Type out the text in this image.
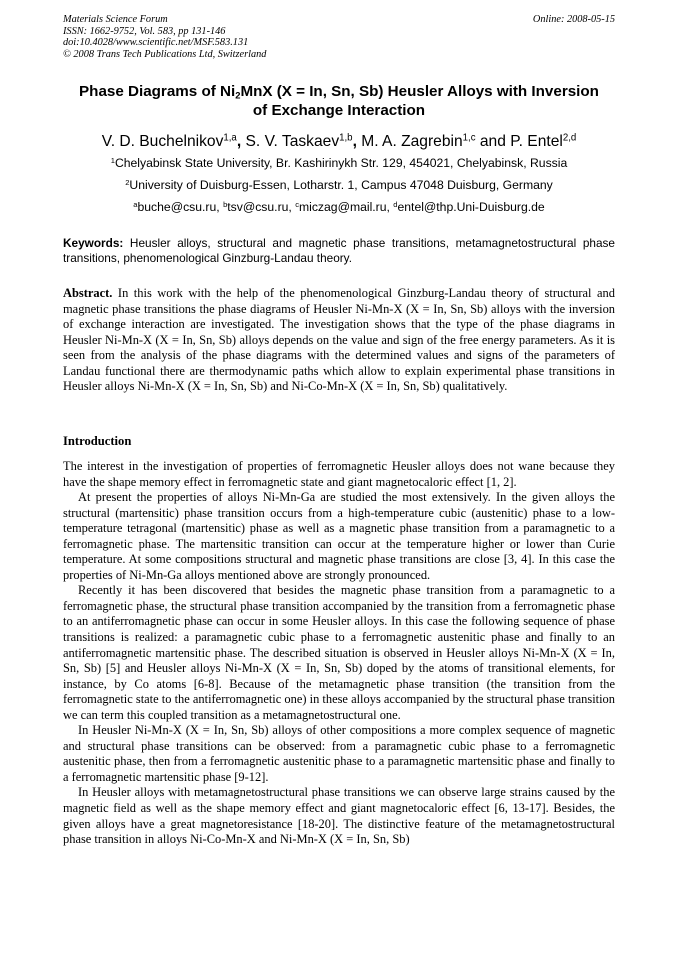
Materials Science Forum
ISSN: 1662-9752, Vol. 583, pp 131-146
doi:10.4028/www.scientific.net/MSF.583.131
© 2008 Trans Tech Publications Ltd, Switzerland
Online: 2008-05-15
Phase Diagrams of $Ni_2MnX$ (X = In, Sn, Sb) Heusler Alloys with Inversion
of Exchange Interaction
V. D. Buchelnikov$^{1,a}$, S. V. Taskaev$^{1,b}$, M. A. Zagrebin$^{1,c}$ and P. Entel$^{2,d}$
$^1$Chelyabinsk State University, Br. Kashirinykh Str. 129, 454021, Chelyabinsk, Russia
$^2$University of Duisburg-Essen, Lotharstr. 1, Campus 47048 Duisburg, Germany
$^a$buche@csu.ru, $^b$tsv@csu.ru, $^c$miczag@mail.ru, $^d$entel@thp.Uni-Duisburg.de
Keywords: Heusler alloys, structural and magnetic phase transitions, metamagnetostructural phase transitions, phenomenological Ginzburg-Landau theory.
Abstract. In this work with the help of the phenomenological Ginzburg-Landau theory of structural and magnetic phase transitions the phase diagrams of Heusler Ni-Mn-X (X = In, Sn, Sb) alloys with the inversion of exchange interaction are investigated. The investigation shows that the type of the phase diagrams in Heusler Ni-Mn-X (X = In, Sn, Sb) alloys depends on the value and sign of the free energy parameters. As it is seen from the analysis of the phase diagrams with the determined values and signs of the parameters of Landau functional there are thermodynamic paths which allow to explain experimental phase transitions in Heusler alloys Ni-Mn-X (X = In, Sn, Sb) and Ni-Co-Mn-X (X = In, Sn, Sb) qualitatively.
Introduction

The interest in the investigation of properties of ferromagnetic Heusler alloys does not wane because they have the shape memory effect in ferromagnetic state and giant magnetocaloric effect [1, 2].

At present the properties of alloys Ni-Mn-Ga are studied the most extensively. In the given alloys the structural (martensitic) phase transition occurs from a high-temperature cubic (austenitic) phase to a low-temperature tetragonal (martensitic) phase as well as a magnetic phase transition from a paramagnetic to a ferromagnetic phase. The martensitic transition can occur at the temperature higher or lower than Curie temperature. At some compositions structural and magnetic phase transitions are close [3, 4]. In this case the properties of Ni-Mn-Ga alloys mentioned above are strongly pronounced.

Recently it has been discovered that besides the magnetic phase transition from a paramagnetic to a ferromagnetic phase, the structural phase transition accompanied by the transition from a ferromagnetic phase to an antiferromagnetic phase can occur in some Heusler alloys. In this case the following sequence of phase transitions is realized: a paramagnetic cubic phase to a ferromagnetic austenitic phase and finally to an antiferromagnetic martensitic phase. The described situation is observed in Heusler alloys Ni-Mn-X (X = In, Sn, Sb) [5] and Heusler alloys Ni-Mn-X (X = In, Sn, Sb) doped by the atoms of transitional elements, for instance, by Co atoms [6-8]. Because of the metamagnetic phase transition (the transition from the ferromagnetic state to the antiferromagnetic one) in these alloys accompanied by the structural phase transition we can term this coupled transition as a metamagnetostructural one.

In Heusler Ni-Mn-X (X = In, Sn, Sb) alloys of other compositions a more complex sequence of magnetic and structural phase transitions can be observed: from a paramagnetic cubic phase to a ferromagnetic austenitic phase, then from a ferromagnetic austenitic phase to a paramagnetic martensitic phase and finally to a ferromagnetic martensitic phase [9-12].

In Heusler alloys with metamagnetostructural phase transitions we can observe large strains caused by the magnetic field as well as the shape memory effect and giant magnetocaloric effect [6, 13-17]. Besides, the given alloys have a great magnetoresistance [18-20]. The distinctive feature of the metamagnetostructural phase transition in alloys Ni-Co-Mn-X and Ni-Mn-X (X = In, Sn, Sb)
